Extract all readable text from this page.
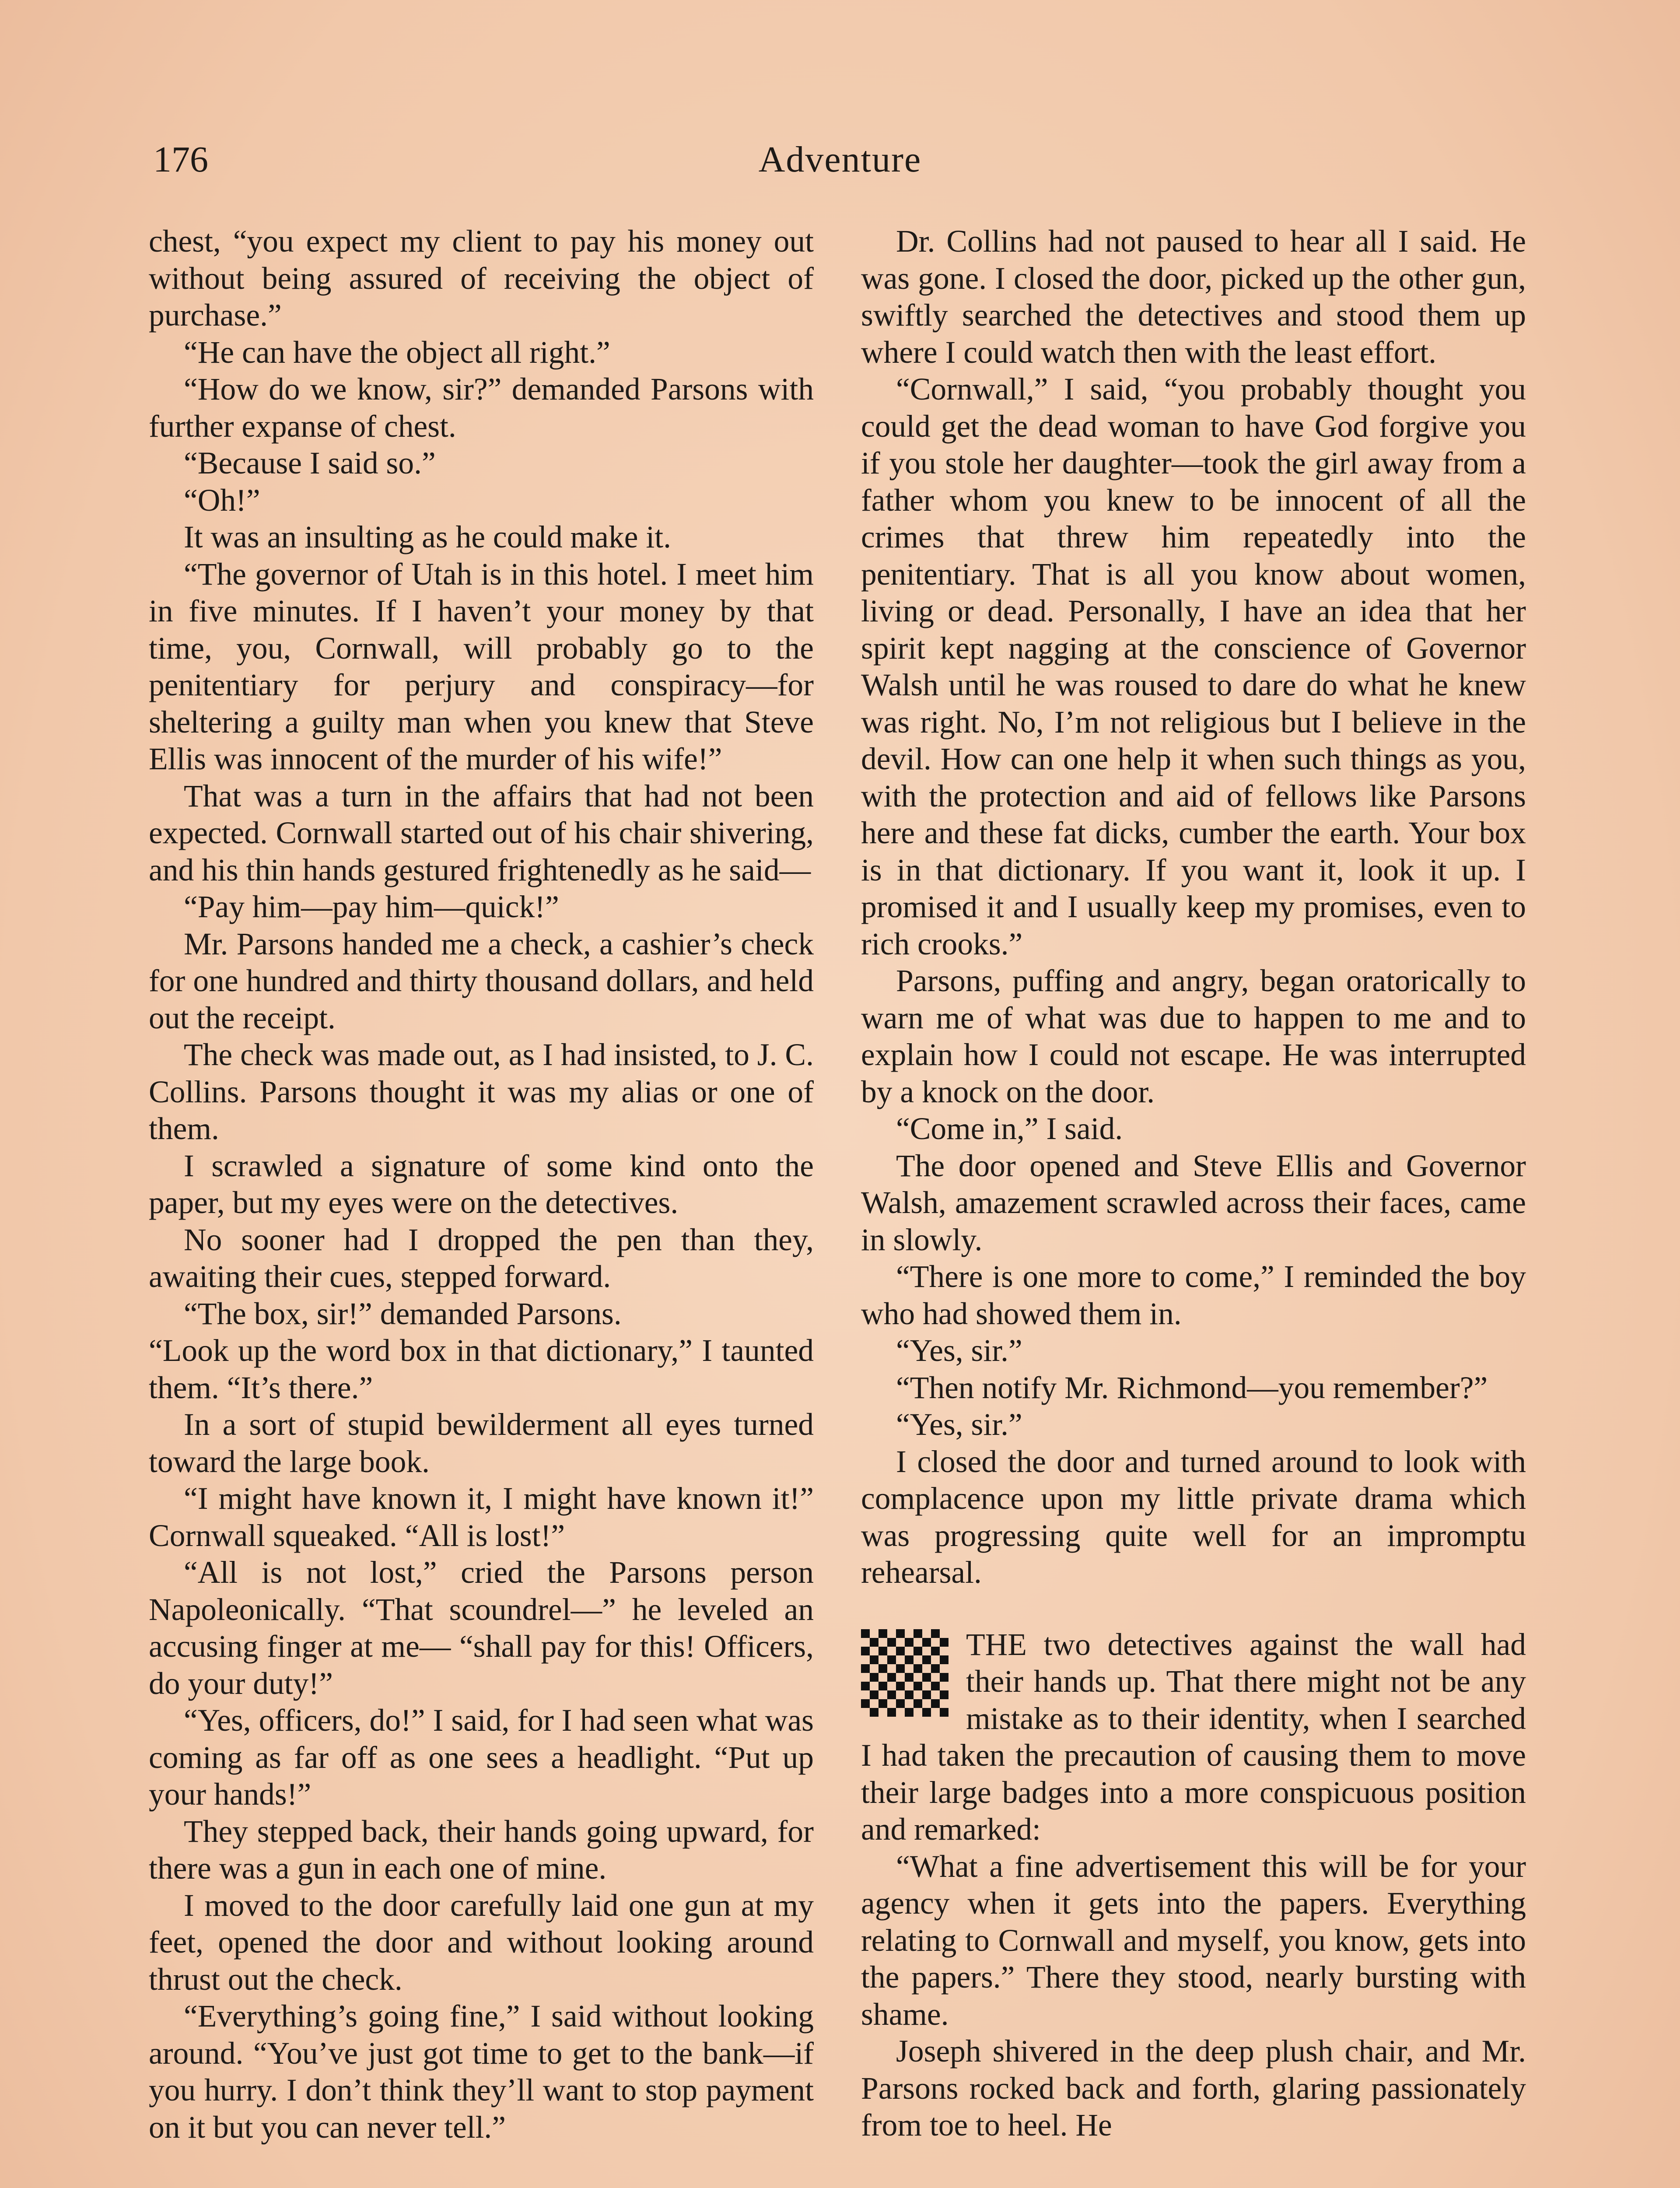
176	Adventure

chest, “you expect my client to pay his money out without being assured of receiving the object of purchase.”

“He can have the object all right.”

“How do we know, sir?” demanded Parsons with further expanse of chest.

“Because I said so.”

“Oh!”

It was an insulting as he could make it.

“The governor of Utah is in this hotel. I meet him in five minutes. If I haven’t your money by that time, you, Cornwall, will probably go to the penitentiary for perjury and conspiracy—for sheltering a guilty man when you knew that Steve Ellis was innocent of the murder of his wife!”

That was a turn in the affairs that had not been expected. Cornwall started out of his chair shivering, and his thin hands gestured frightenedly as he said—

“Pay him—pay him—quick!”

Mr. Parsons handed me a check, a cashier’s check for one hundred and thirty thousand dollars, and held out the receipt.

The check was made out, as I had insisted, to J. C. Collins. Parsons thought it was my alias or one of them.

I scrawled a signature of some kind onto the paper, but my eyes were on the detectives.

No sooner had I dropped the pen than they, awaiting their cues, stepped forward.

“The box, sir!” demanded Parsons.

“Look up the word box in that dictionary,” I taunted them. “It’s there.”

In a sort of stupid bewilderment all eyes turned toward the large book.

“I might have known it, I might have known it!” Cornwall squeaked. “All is lost!”

“All is not lost,” cried the Parsons person Napoleonically. “That scoundrel—” he leveled an accusing finger at me— “shall pay for this! Officers, do your duty!”

“Yes, officers, do!” I said, for I had seen what was coming as far off as one sees a headlight. “Put up your hands!”

They stepped back, their hands going upward, for there was a gun in each one of mine.

I moved to the door carefully laid one gun at my feet, opened the door and without looking around thrust out the check.

“Everything’s going fine,” I said without looking around. “You’ve just got time to get to the bank—if you hurry. I don’t think they’ll want to stop payment on it but you can never tell.”

Dr. Collins had not paused to hear all I said. He was gone. I closed the door, picked up the other gun, swiftly searched the detectives and stood them up where I could watch then with the least effort.

“Cornwall,” I said, “you probably thought you could get the dead woman to have God forgive you if you stole her daughter—took the girl away from a father whom you knew to be innocent of all the crimes that threw him repeatedly into the penitentiary. That is all you know about women, living or dead. Personally, I have an idea that her spirit kept nagging at the conscience of Governor Walsh until he was roused to dare do what he knew was right. No, I’m not religious but I believe in the devil. How can one help it when such things as you, with the protection and aid of fellows like Parsons here and these fat dicks, cumber the earth. Your box is in that dictionary. If you want it, look it up. I promised it and I usually keep my promises, even to rich crooks.”

Parsons, puffing and angry, began oratorically to warn me of what was due to happen to me and to explain how I could not escape. He was interrupted by a knock on the door.

“Come in,” I said.

The door opened and Steve Ellis and Governor Walsh, amazement scrawled across their faces, came in slowly.

“There is one more to come,” I reminded the boy who had showed them in.

“Yes, sir.”

“Then notify Mr. Richmond—you remember?”

“Yes, sir.”

I closed the door and turned around to look with complacence upon my little private drama which was progressing quite well for an impromptu rehearsal.

THE two detectives against the wall had their hands up. That there might not be any mistake as to their identity, when I searched I had taken the precaution of causing them to move their large badges into a more conspicuous position and remarked:

“What a fine advertisement this will be for your agency when it gets into the papers. Everything relating to Cornwall and myself, you know, gets into the papers.” There they stood, nearly bursting with shame.

Joseph shivered in the deep plush chair, and Mr. Parsons rocked back and forth, glaring passionately from toe to heel. He
